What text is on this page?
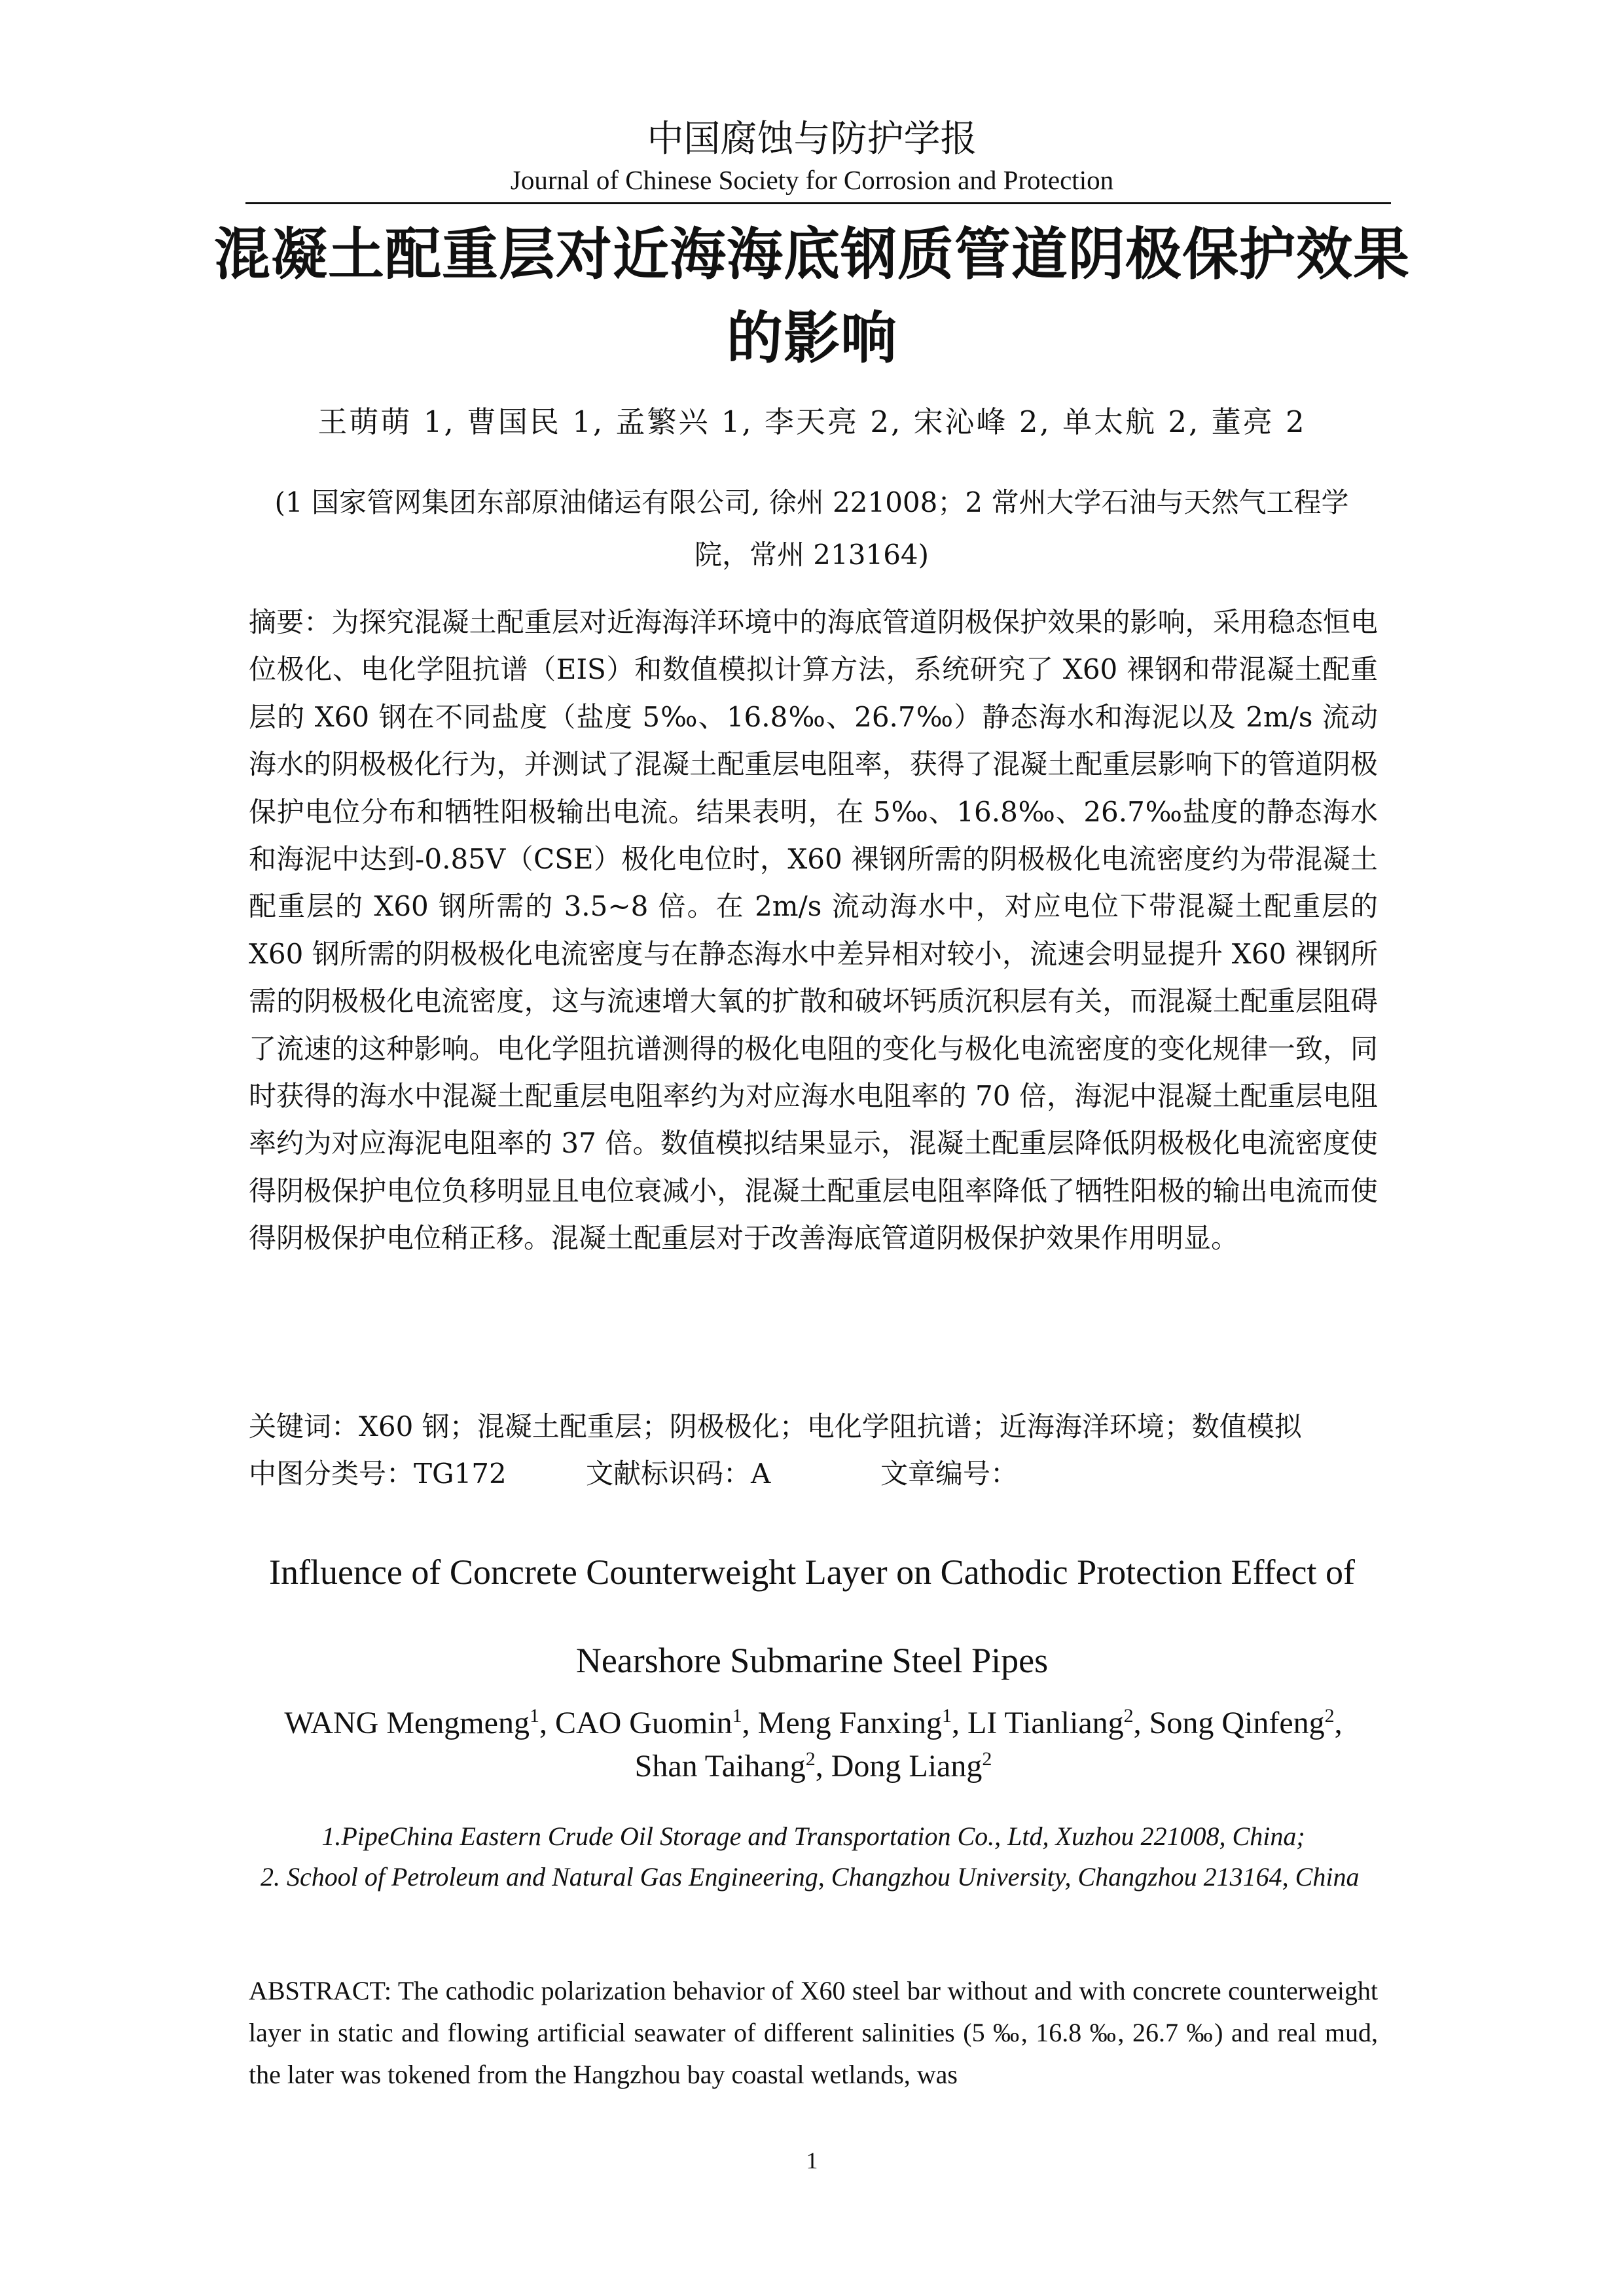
中国腐蚀与防护学报
Journal of Chinese Society for Corrosion and Protection
混凝土配重层对近海海底钢质管道阴极保护效果的影响
王萌萌 1, 曹国民 1, 孟繁兴 1, 李天亮 2, 宋沁峰 2, 单太航 2, 董亮 2
(1 国家管网集团东部原油储运有限公司, 徐州 221008；2 常州大学石油与天然气工程学院，常州 213164)
摘要：为探究混凝土配重层对近海海洋环境中的海底管道阴极保护效果的影响，采用稳态恒电位极化、电化学阻抗谱（EIS）和数值模拟计算方法，系统研究了 X60 裸钢和带混凝土配重层的 X60 钢在不同盐度（盐度 5‰、16.8‰、26.7‰）静态海水和海泥以及 2m/s 流动海水的阴极极化行为，并测试了混凝土配重层电阻率，获得了混凝土配重层影响下的管道阴极保护电位分布和牺牲阳极输出电流。结果表明，在 5‰、16.8‰、26.7‰盐度的静态海水和海泥中达到-0.85V（CSE）极化电位时，X60 裸钢所需的阴极极化电流密度约为带混凝土配重层的 X60 钢所需的 3.5~8 倍。在 2m/s 流动海水中，对应电位下带混凝土配重层的 X60 钢所需的阴极极化电流密度与在静态海水中差异相对较小，流速会明显提升 X60 裸钢所需的阴极极化电流密度，这与流速增大氧的扩散和破坏钙质沉积层有关，而混凝土配重层阻碍了流速的这种影响。电化学阻抗谱测得的极化电阻的变化与极化电流密度的变化规律一致，同时获得的海水中混凝土配重层电阻率约为对应海水电阻率的 70 倍，海泥中混凝土配重层电阻率约为对应海泥电阻率的 37 倍。数值模拟结果显示，混凝土配重层降低阴极极化电流密度使得阴极保护电位负移明显且电位衰减小，混凝土配重层电阻率降低了牺牲阳极的输出电流而使得阴极保护电位稍正移。混凝土配重层对于改善海底管道阴极保护效果作用明显。
关键词：X60 钢；混凝土配重层；阴极极化；电化学阻抗谱；近海海洋环境；数值模拟
中图分类号：TG172	文献标识码：A	文章编号：
Influence of Concrete Counterweight Layer on Cathodic Protection Effect of Nearshore Submarine Steel Pipes
WANG Mengmeng$^1$, CAO Guomin$^1$, Meng Fanxing$^1$, LI Tianliang$^2$, Song Qinfeng$^2$,
Shan Taihang$^2$, Dong Liang$^2$
1.PipeChina Eastern Crude Oil Storage and Transportation Co., Ltd, Xuzhou 221008, China;
2. School of Petroleum and Natural Gas Engineering, Changzhou University, Changzhou 213164, China
ABSTRACT: The cathodic polarization behavior of X60 steel bar without and with concrete counterweight layer in static and flowing artificial seawater of different salinities (5 ‰, 16.8 ‰, 26.7 ‰) and real mud, the later was tokened from the Hangzhou bay coastal wetlands, was
1
